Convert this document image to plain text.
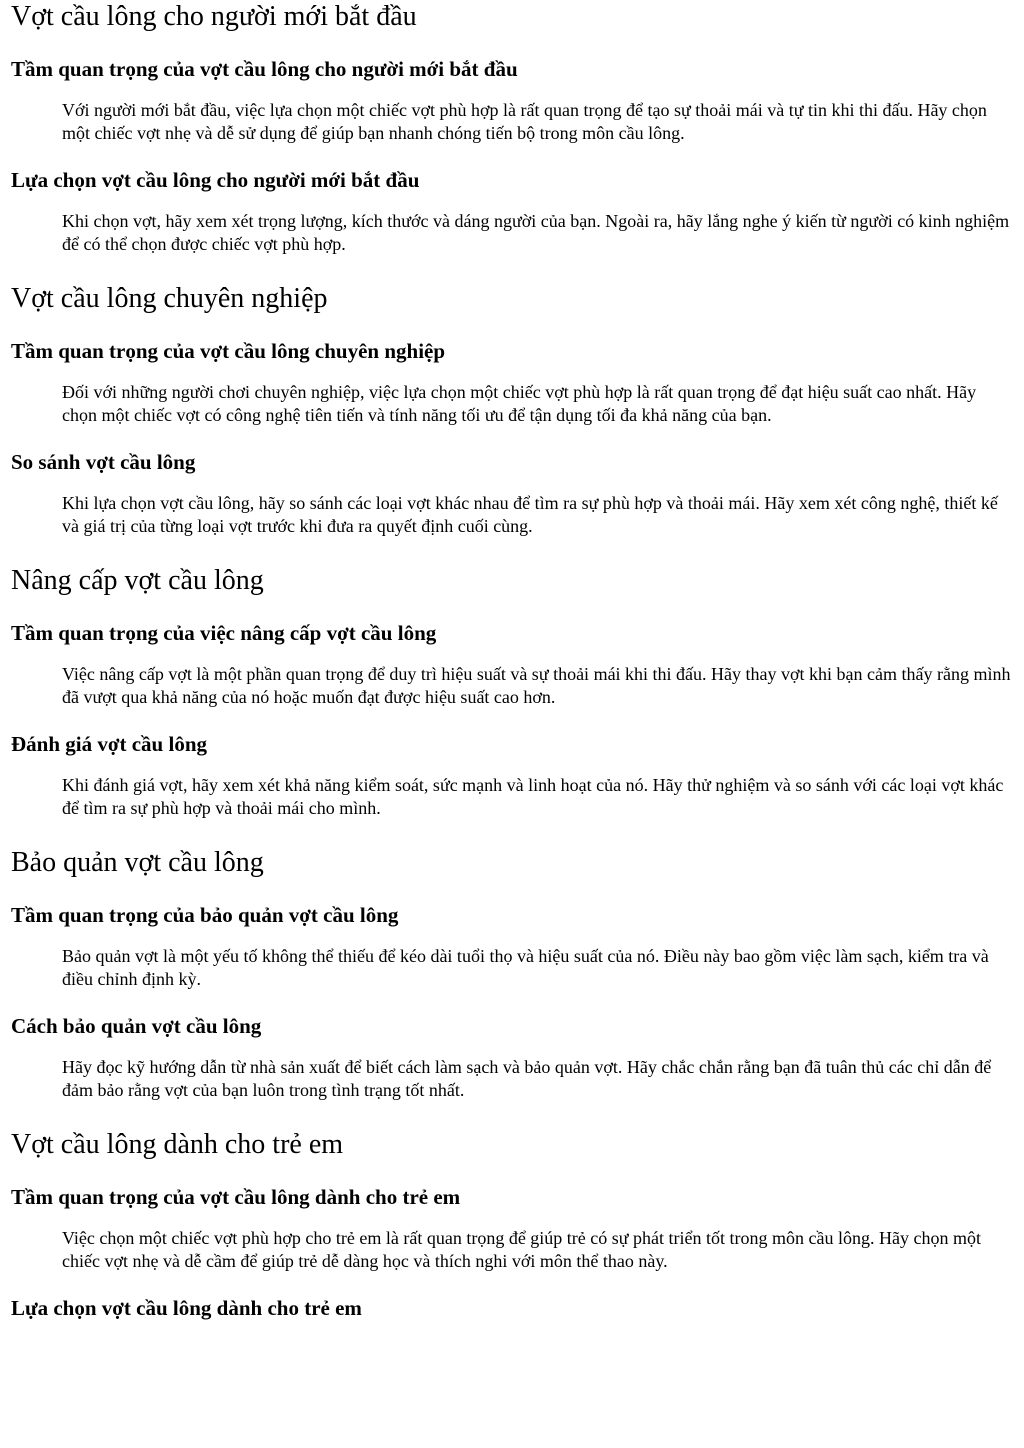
Vợt cầu lông cho người mới bắt đầu
Tầm quan trọng của vợt cầu lông cho người mới bắt đầu

Với người mới bắt đầu, việc lựa chọn một chiếc vợt phù hợp là rất quan trọng để tạo sự thoải mái và tự tin khi thi đấu. Hãy chọn một chiếc vợt nhẹ và dễ sử dụng để giúp bạn nhanh chóng tiến bộ trong môn cầu lông.

Lựa chọn vợt cầu lông cho người mới bắt đầu

Khi chọn vợt, hãy xem xét trọng lượng, kích thước và dáng người của bạn. Ngoài ra, hãy lắng nghe ý kiến từ người có kinh nghiệm để có thể chọn được chiếc vợt phù hợp.

Vợt cầu lông chuyên nghiệp
Tầm quan trọng của vợt cầu lông chuyên nghiệp

Đối với những người chơi chuyên nghiệp, việc lựa chọn một chiếc vợt phù hợp là rất quan trọng để đạt hiệu suất cao nhất. Hãy chọn một chiếc vợt có công nghệ tiên tiến và tính năng tối ưu để tận dụng tối đa khả năng của bạn.

So sánh vợt cầu lông

Khi lựa chọn vợt cầu lông, hãy so sánh các loại vợt khác nhau để tìm ra sự phù hợp và thoải mái. Hãy xem xét công nghệ, thiết kế và giá trị của từng loại vợt trước khi đưa ra quyết định cuối cùng.

Nâng cấp vợt cầu lông
Tầm quan trọng của việc nâng cấp vợt cầu lông

Việc nâng cấp vợt là một phần quan trọng để duy trì hiệu suất và sự thoải mái khi thi đấu. Hãy thay vợt khi bạn cảm thấy rằng mình đã vượt qua khả năng của nó hoặc muốn đạt được hiệu suất cao hơn.

Đánh giá vợt cầu lông

Khi đánh giá vợt, hãy xem xét khả năng kiểm soát, sức mạnh và linh hoạt của nó. Hãy thử nghiệm và so sánh với các loại vợt khác để tìm ra sự phù hợp và thoải mái cho mình.

Bảo quản vợt cầu lông
Tầm quan trọng của bảo quản vợt cầu lông

Bảo quản vợt là một yếu tố không thể thiếu để kéo dài tuổi thọ và hiệu suất của nó. Điều này bao gồm việc làm sạch, kiểm tra và điều chỉnh định kỳ.

Cách bảo quản vợt cầu lông

Hãy đọc kỹ hướng dẫn từ nhà sản xuất để biết cách làm sạch và bảo quản vợt. Hãy chắc chắn rằng bạn đã tuân thủ các chỉ dẫn để đảm bảo rằng vợt của bạn luôn trong tình trạng tốt nhất.

Vợt cầu lông dành cho trẻ em
Tầm quan trọng của vợt cầu lông dành cho trẻ em

Việc chọn một chiếc vợt phù hợp cho trẻ em là rất quan trọng để giúp trẻ có sự phát triển tốt trong môn cầu lông. Hãy chọn một chiếc vợt nhẹ và dễ cầm để giúp trẻ dễ dàng học và thích nghi với môn thể thao này.

Lựa chọn vợt cầu lông dành cho trẻ em
